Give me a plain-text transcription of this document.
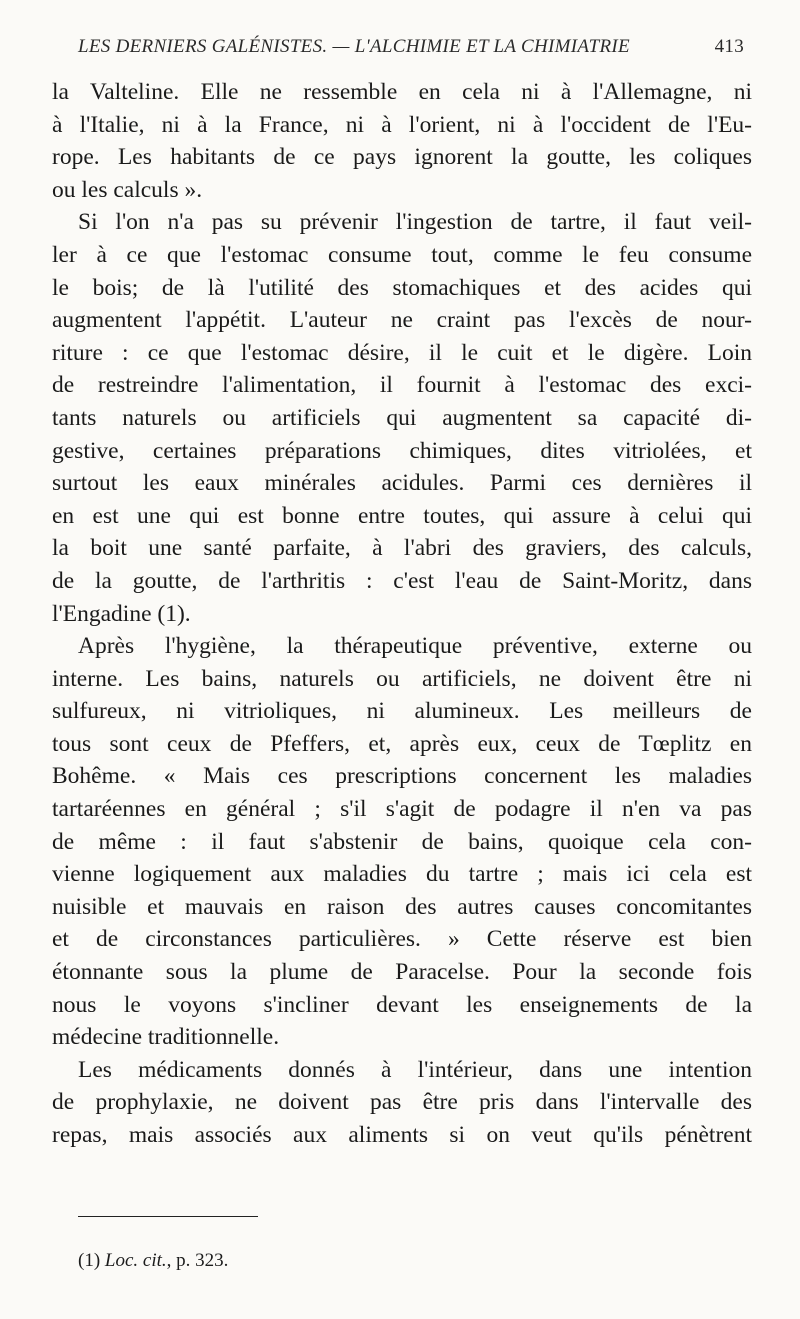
LES DERNIERS GALÉNISTES. — L'ALCHIMIE ET LA CHIMIATRIE	413
la Valteline. Elle ne ressemble en cela ni à l'Allemagne, ni
à l'Italie, ni à la France, ni à l'orient, ni à l'occident de l'Eu-
rope. Les habitants de ce pays ignorent la goutte, les coliques
ou les calculs ».
Si l'on n'a pas su prévenir l'ingestion de tartre, il faut veil-
ler à ce que l'estomac consume tout, comme le feu consume
le bois; de là l'utilité des stomachiques et des acides qui
augmentent l'appétit. L'auteur ne craint pas l'excès de nour-
riture : ce que l'estomac désire, il le cuit et le digère. Loin
de restreindre l'alimentation, il fournit à l'estomac des exci-
tants naturels ou artificiels qui augmentent sa capacité di-
gestive, certaines préparations chimiques, dites vitriolées, et
surtout les eaux minérales acidules. Parmi ces dernières il
en est une qui est bonne entre toutes, qui assure à celui qui
la boit une santé parfaite, à l'abri des graviers, des calculs,
de la goutte, de l'arthritis : c'est l'eau de Saint-Moritz, dans
l'Engadine (1).
Après l'hygiène, la thérapeutique préventive, externe ou
interne. Les bains, naturels ou artificiels, ne doivent être ni
sulfureux, ni vitrioliques, ni alumineux. Les meilleurs de
tous sont ceux de Pfeffers, et, après eux, ceux de Tœplitz en
Bohême. « Mais ces prescriptions concernent les maladies
tartaréennes en général ; s'il s'agit de podagre il n'en va pas
de même : il faut s'abstenir de bains, quoique cela con-
vienne logiquement aux maladies du tartre ; mais ici cela est
nuisible et mauvais en raison des autres causes concomitantes
et de circonstances particulières. » Cette réserve est bien
étonnante sous la plume de Paracelse. Pour la seconde fois
nous le voyons s'incliner devant les enseignements de la
médecine traditionnelle.
Les médicaments donnés à l'intérieur, dans une intention
de prophylaxie, ne doivent pas être pris dans l'intervalle des
repas, mais associés aux aliments si on veut qu'ils pénètrent
(1) Loc. cit., p. 323.
